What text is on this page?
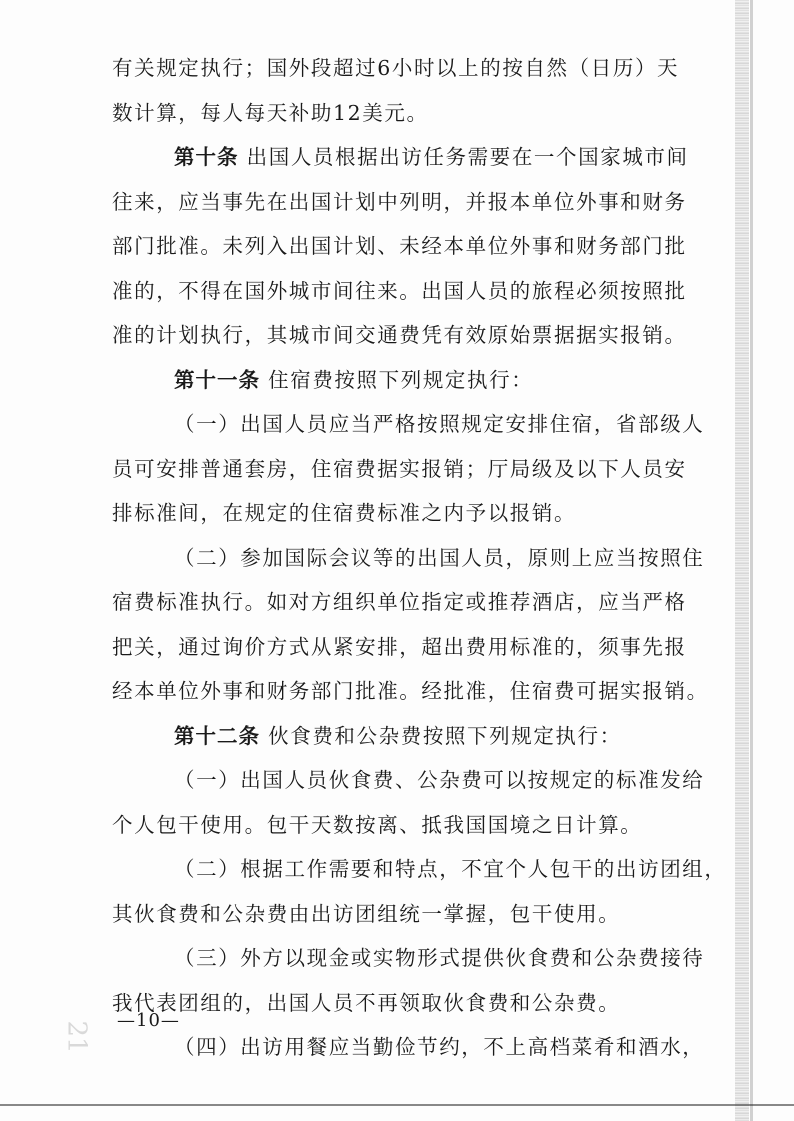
有关规定执行；国外段超过6小时以上的按自然（日历）天
数计算，每人每天补助12美元。
第十条 出国人员根据出访任务需要在一个国家城市间
往来，应当事先在出国计划中列明，并报本单位外事和财务
部门批准。未列入出国计划、未经本单位外事和财务部门批
准的，不得在国外城市间往来。出国人员的旅程必须按照批
准的计划执行，其城市间交通费凭有效原始票据据实报销。
第十一条 住宿费按照下列规定执行：
（一）出国人员应当严格按照规定安排住宿，省部级人
员可安排普通套房，住宿费据实报销；厅局级及以下人员安
排标准间，在规定的住宿费标准之内予以报销。
（二）参加国际会议等的出国人员，原则上应当按照住
宿费标准执行。如对方组织单位指定或推荐酒店，应当严格
把关，通过询价方式从紧安排，超出费用标准的，须事先报
经本单位外事和财务部门批准。经批准，住宿费可据实报销。
第十二条 伙食费和公杂费按照下列规定执行：
（一）出国人员伙食费、公杂费可以按规定的标准发给
个人包干使用。包干天数按离、抵我国国境之日计算。
（二）根据工作需要和特点，不宜个人包干的出访团组，
其伙食费和公杂费由出访团组统一掌握，包干使用。
（三）外方以现金或实物形式提供伙食费和公杂费接待
我代表团组的，出国人员不再领取伙食费和公杂费。
（四）出访用餐应当勤俭节约，不上高档菜肴和酒水，
—10—
21
